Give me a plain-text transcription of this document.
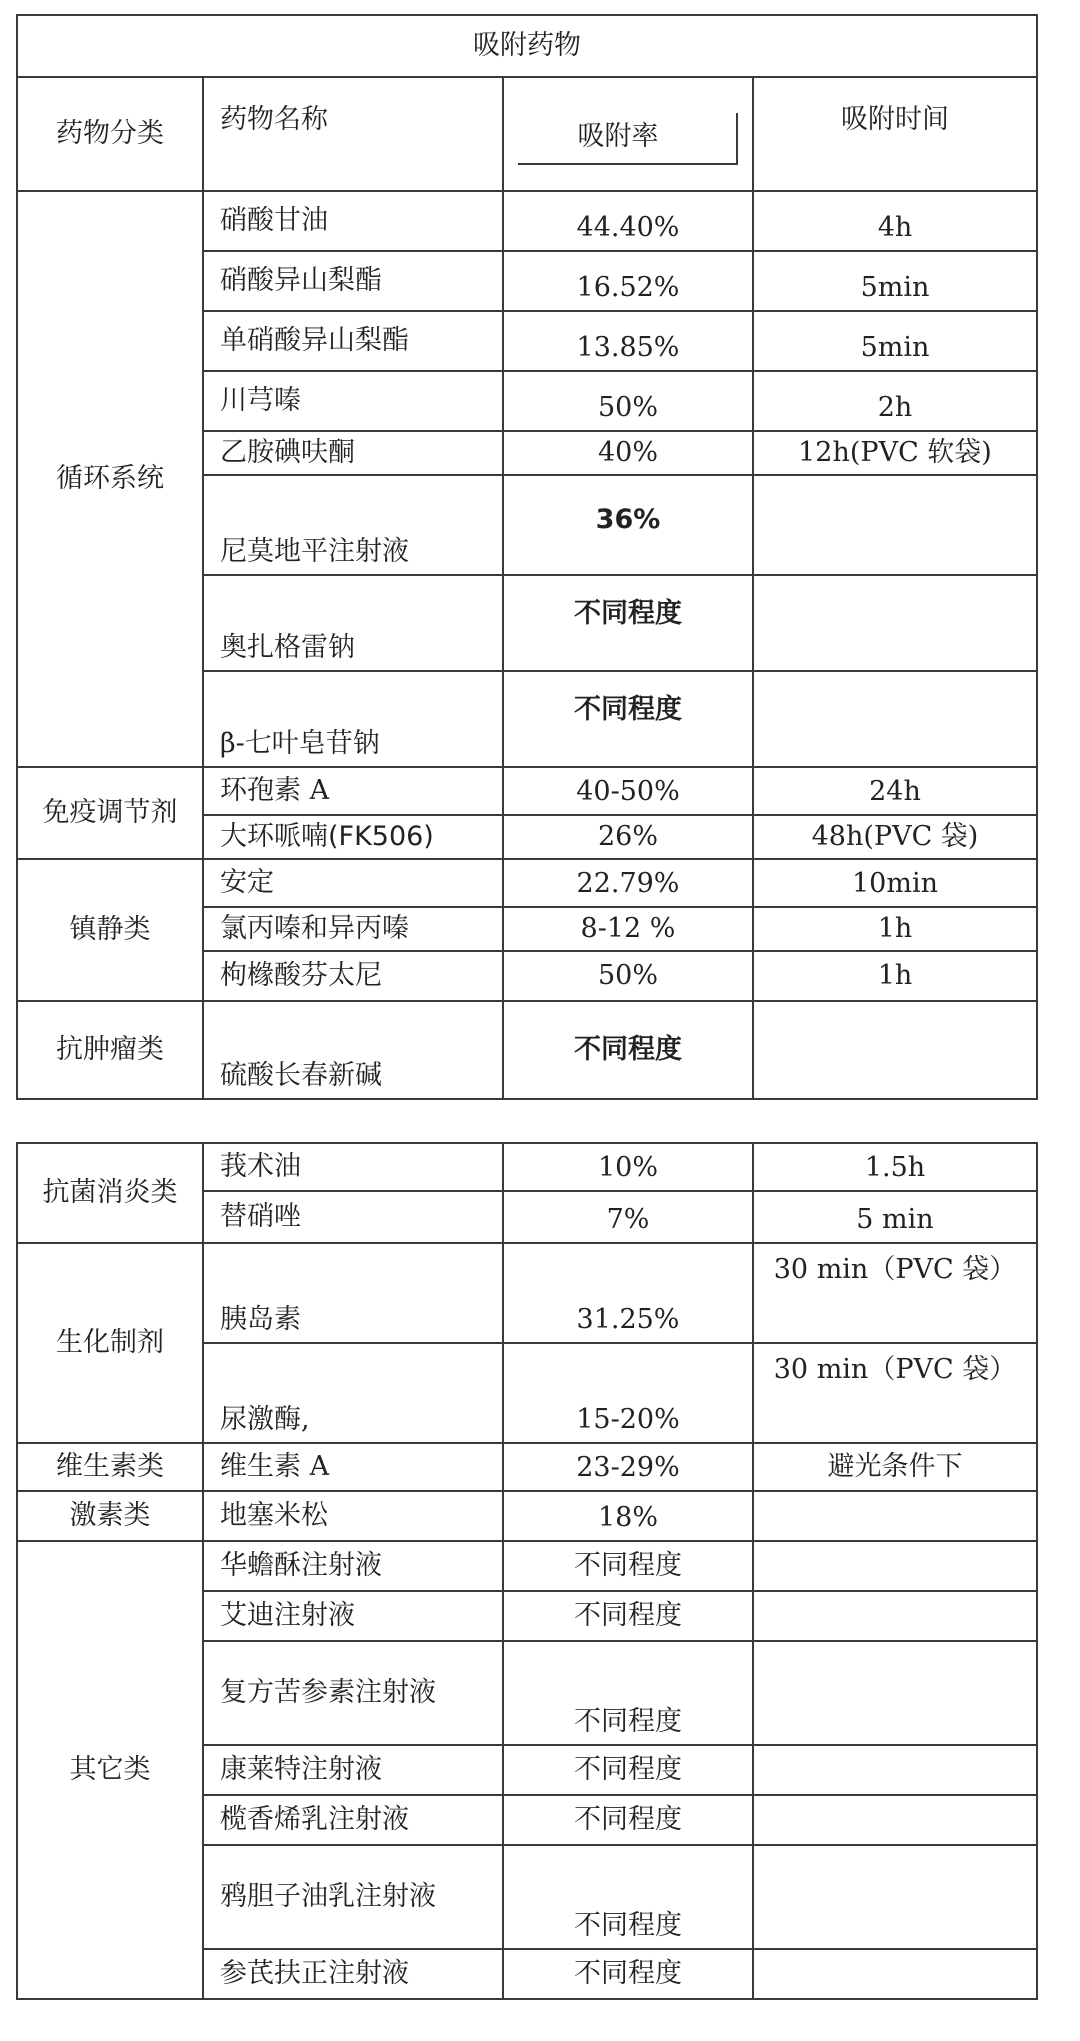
吸附药物			
药物分类	药物名称	吸附率	吸附时间
循环系统	硝酸甘油	44.40%	4h
	硝酸异山梨酯	16.52%	5min
	单硝酸异山梨酯	13.85%	5min
	川芎嗪	50%	2h
	乙胺碘呋酮	40%	12h(PVC 软袋)
	尼莫地平注射液	36%	
	奥扎格雷钠	不同程度	
	β-七叶皂苷钠	不同程度	
免疫调节剂	环孢素 A	40-50%	24h
	大环哌喃(FK506)	26%	48h(PVC 袋)
镇静类	安定	22.79%	10min
	氯丙嗪和异丙嗪	8-12 %	1h
	枸橼酸芬太尼	50%	1h
抗肿瘤类	硫酸长春新碱	不同程度	
抗菌消炎类	莪术油	10%	1.5h
	替硝唑	7%	5 min
生化制剂	胰岛素	31.25%	30 min（PVC 袋）
	尿激酶,	15-20%	30 min（PVC 袋）
维生素类	维生素 A	23-29%	避光条件下
激素类	地塞米松	18%	
其它类	华蟾酥注射液	不同程度	
	艾迪注射液	不同程度	
	复方苦参素注射液	不同程度	
	康莱特注射液	不同程度	
	榄香烯乳注射液	不同程度	
	鸦胆子油乳注射液	不同程度	
	参芪扶正注射液	不同程度	
